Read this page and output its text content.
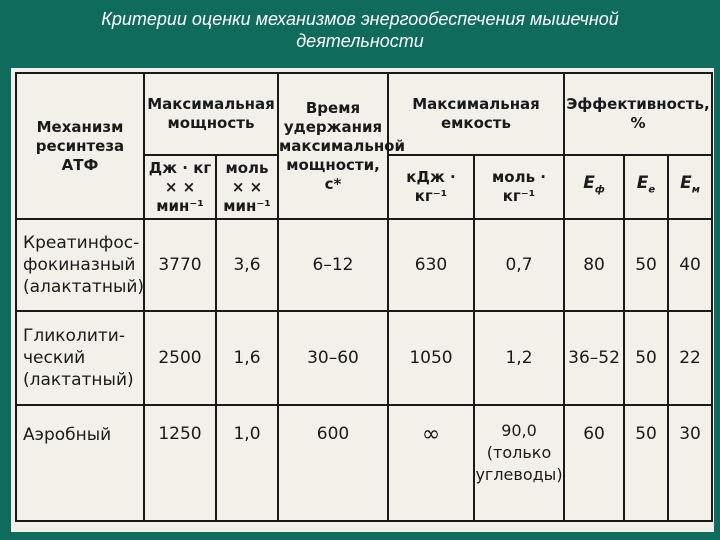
Критерии оценки механизмов энергообеспечения мышечной
деятельности
Механизм ресинтеза АТФ	Максимальная мощность		Время удержания максимальной мощности, с*	Максимальная емкость		Эффективность, %		
	Дж · кг × × мин⁻¹	моль × × мин⁻¹		кДж · кг⁻¹	моль · кг⁻¹	$Е_ф$	$Е_е$	$Е_м$

Креатинфос-
фокиназный
(алактатный)	3770	3,6	6–12	630	0,7	80	50	40

Гликолити-
ческий
(лактатный)	2500	1,6	30–60	1050	1,2	36–52	50	22

Аэробный	1250	1,0	600	∞	90,0
(только
углеводы)	60	50	30
